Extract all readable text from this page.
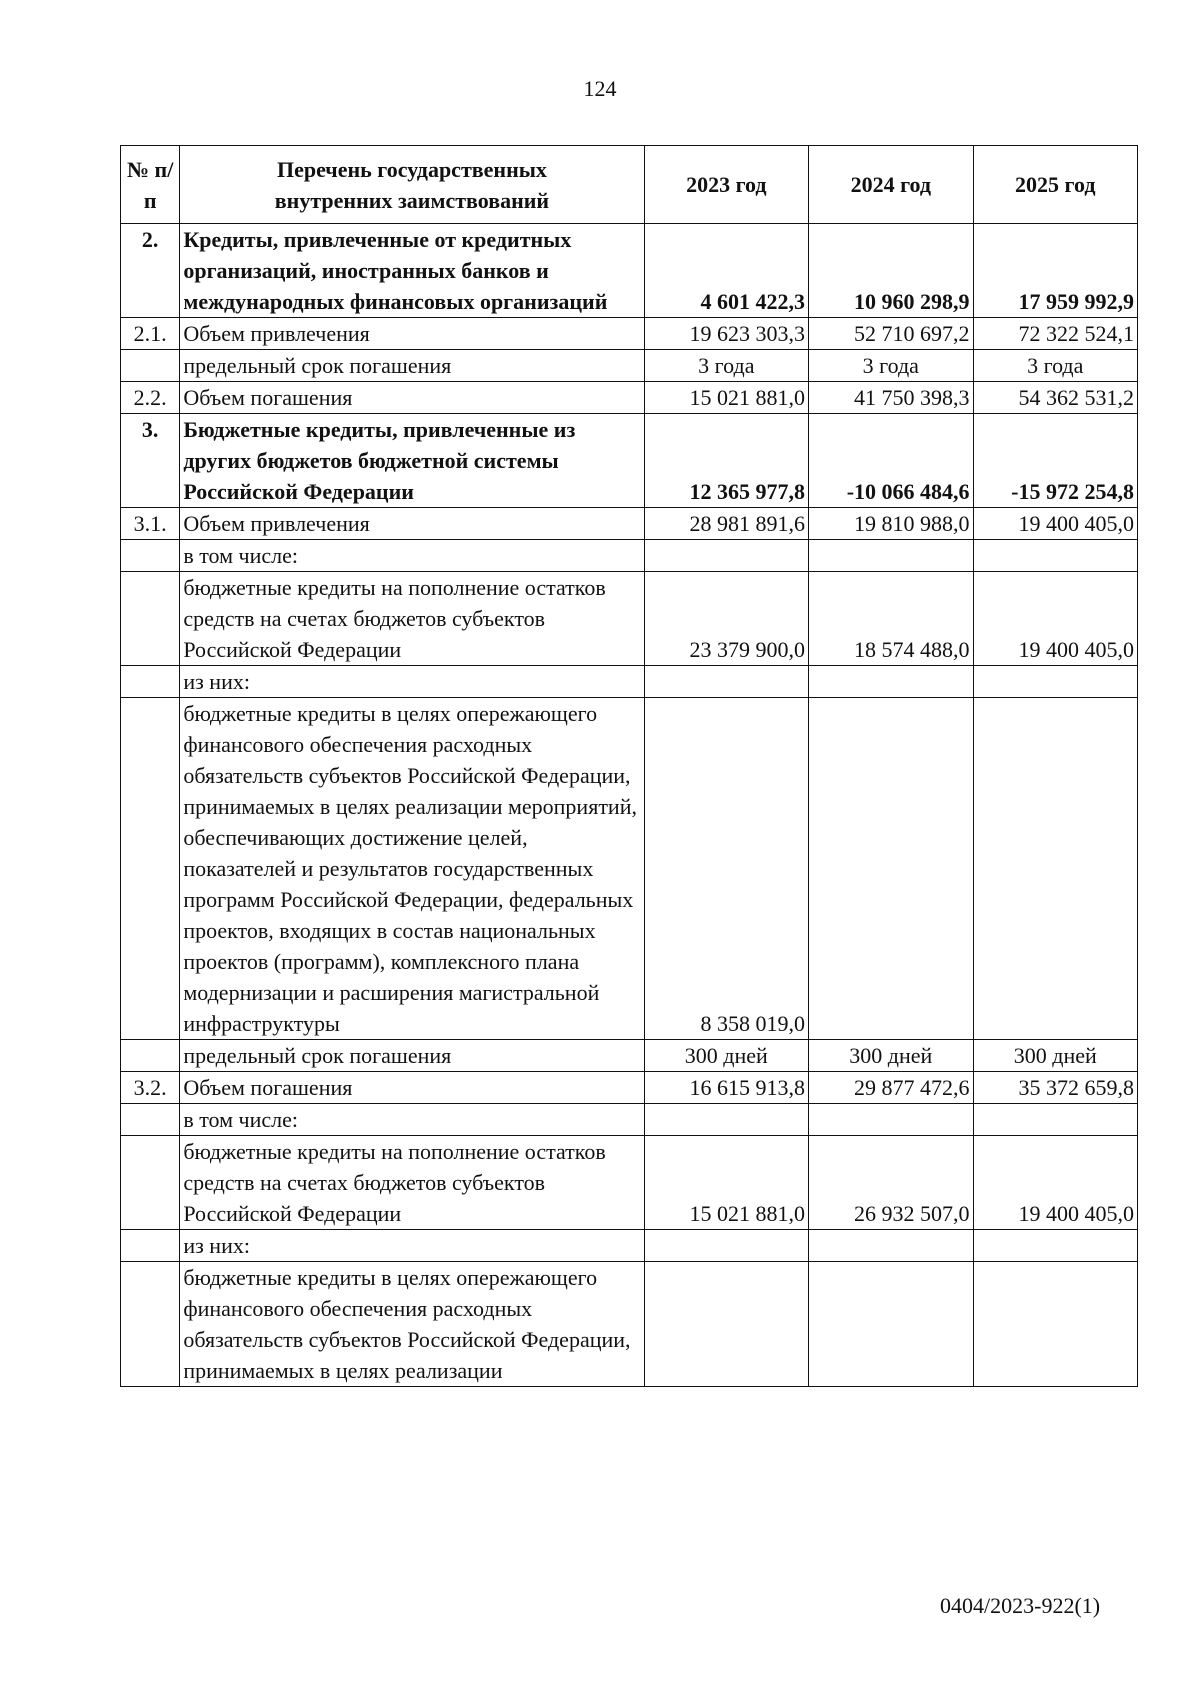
124
№ п/п	Перечень государственных внутренних заимствований	2023 год	2024 год	2025 год
2.	Кредиты, привлеченные от кредитных организаций, иностранных банков и международных финансовых организаций	4 601 422,3	10 960 298,9	17 959 992,9
2.1.	Объем привлечения	19 623 303,3	52 710 697,2	72 322 524,1
	предельный срок погашения	3 года	3 года	3 года
2.2.	Объем погашения	15 021 881,0	41 750 398,3	54 362 531,2
3.	Бюджетные кредиты, привлеченные из других бюджетов бюджетной системы Российской Федерации	12 365 977,8	-10 066 484,6	-15 972 254,8
3.1.	Объем привлечения	28 981 891,6	19 810 988,0	19 400 405,0
	в том числе:			
	бюджетные кредиты на пополнение остатков средств на счетах бюджетов субъектов Российской Федерации	23 379 900,0	18 574 488,0	19 400 405,0
	из них:			
	бюджетные кредиты в целях опережающего финансового обеспечения расходных обязательств субъектов Российской Федерации, принимаемых в целях реализации мероприятий, обеспечивающих достижение целей, показателей и результатов государственных программ Российской Федерации, федеральных проектов, входящих в состав национальных проектов (программ), комплексного плана модернизации и расширения магистральной инфраструктуры	8 358 019,0		
	предельный срок погашения	300 дней	300 дней	300 дней
3.2.	Объем погашения	16 615 913,8	29 877 472,6	35 372 659,8
	в том числе:			
	бюджетные кредиты на пополнение остатков средств на счетах бюджетов субъектов Российской Федерации	15 021 881,0	26 932 507,0	19 400 405,0
	из них:			
	бюджетные кредиты в целях опережающего финансового обеспечения расходных обязательств субъектов Российской Федерации, принимаемых в целях реализации			
0404/2023-922(1)
